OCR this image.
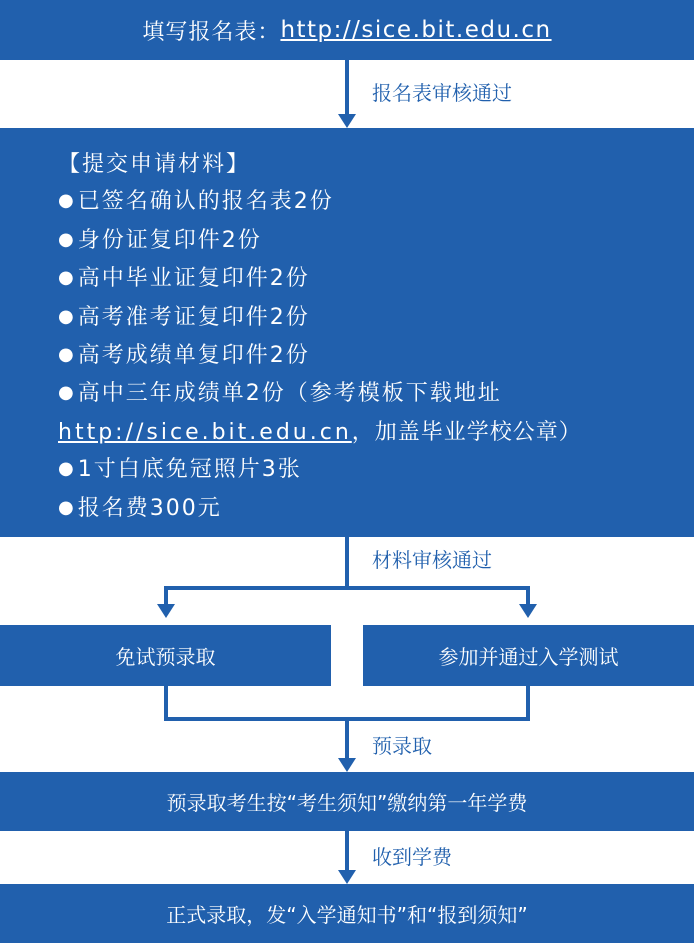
填写报名表： http://sice.bit.edu.cn
报名表审核通过
【提交申请材料】
●已签名确认的报名表2份
●身份证复印件2份
●高中毕业证复印件2份
●高考准考证复印件2份
●高考成绩单复印件2份
●高中三年成绩单2份（参考模板下载地址
http://sice.bit.edu.cn，加盖毕业学校公章）
●1寸白底免冠照片3张
●报名费300元
材料审核通过
免试预录取	参加并通过入学测试
预录取
预录取考生按“考生须知”缴纳第一年学费
收到学费
正式录取，发“入学通知书”和“报到须知”
